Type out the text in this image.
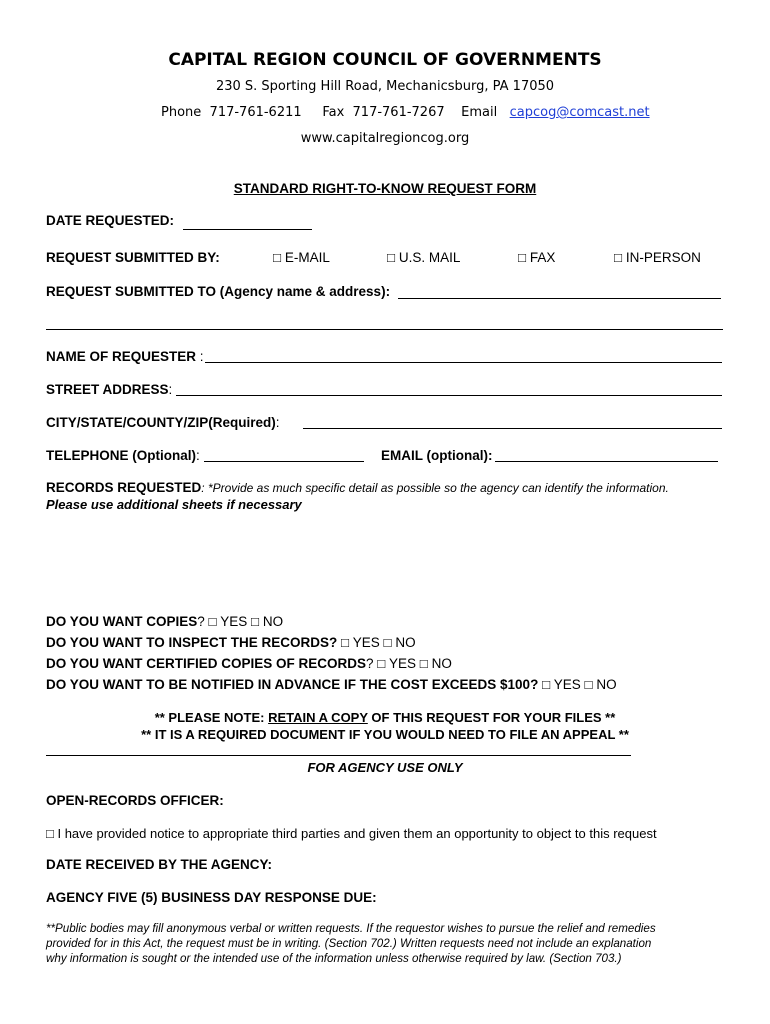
CAPITAL REGION COUNCIL OF GOVERNMENTS
230 S. Sporting Hill Road, Mechanicsburg, PA 17050
Phone 717-761-6211 Fax 717-761-7267 Email capcog@comcast.net
www.capitalregioncog.org
STANDARD RIGHT-TO-KNOW REQUEST FORM
DATE REQUESTED:
REQUEST SUBMITTED BY:	□ E-MAIL	□ U.S. MAIL	□ FAX	□ IN-PERSON
REQUEST SUBMITTED TO (Agency name & address):
NAME OF REQUESTER :
STREET ADDRESS:
CITY/STATE/COUNTY/ZIP(Required):
TELEPHONE (Optional):	EMAIL (optional):
RECORDS REQUESTED: *Provide as much specific detail as possible so the agency can identify the information.
Please use additional sheets if necessary
DO YOU WANT COPIES? □ YES □ NO
DO YOU WANT TO INSPECT THE RECORDS? □ YES □ NO
DO YOU WANT CERTIFIED COPIES OF RECORDS? □ YES □ NO
DO YOU WANT TO BE NOTIFIED IN ADVANCE IF THE COST EXCEEDS $100? □ YES □ NO
** PLEASE NOTE: RETAIN A COPY OF THIS REQUEST FOR YOUR FILES **
** IT IS A REQUIRED DOCUMENT IF YOU WOULD NEED TO FILE AN APPEAL **
FOR AGENCY USE ONLY
OPEN-RECORDS OFFICER:
□ I have provided notice to appropriate third parties and given them an opportunity to object to this request
DATE RECEIVED BY THE AGENCY:
AGENCY FIVE (5) BUSINESS DAY RESPONSE DUE:
**Public bodies may fill anonymous verbal or written requests. If the requestor wishes to pursue the relief and remedies
provided for in this Act, the request must be in writing. (Section 702.) Written requests need not include an explanation
why information is sought or the intended use of the information unless otherwise required by law. (Section 703.)
